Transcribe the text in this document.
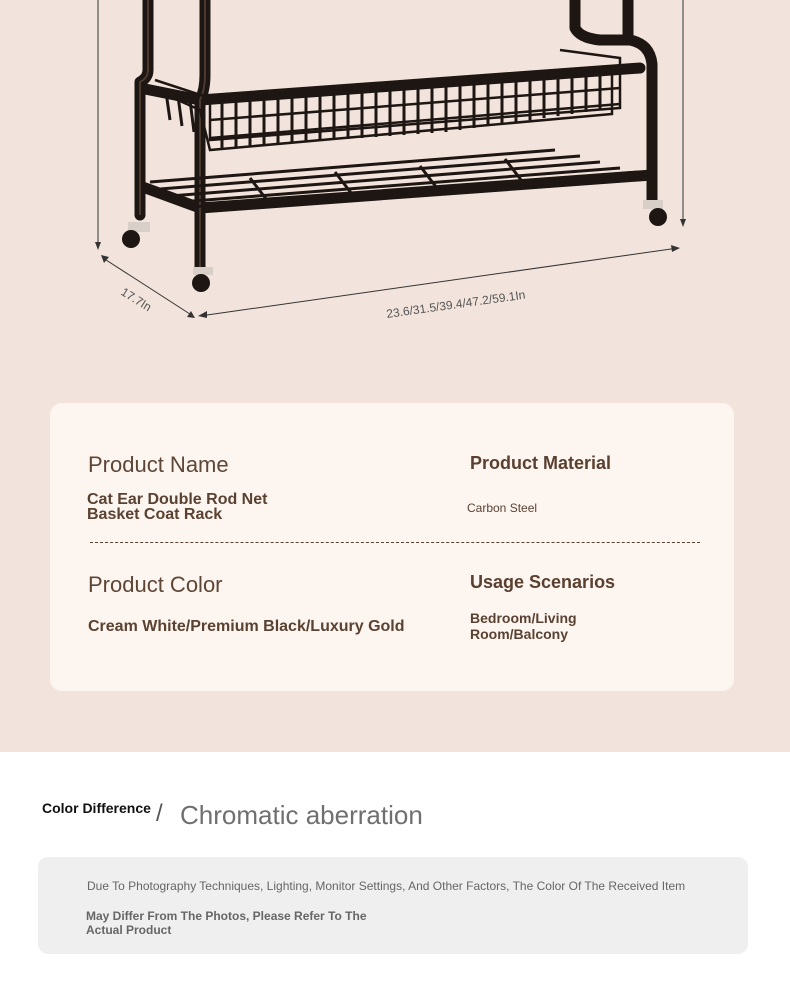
17.7In	23.6/31.5/39.4/47.2/59.1In
Product Name
Cat Ear Double Rod Net Basket Coat Rack
Product Material
Carbon Steel
Product Color
Cream White/Premium Black/Luxury Gold
Usage Scenarios
Bedroom/Living Room/Balcony
Color Difference / Chromatic aberration
Due To Photography Techniques, Lighting, Monitor Settings, And Other Factors, The Color Of The Received Item
May Differ From The Photos, Please Refer To The Actual Product
